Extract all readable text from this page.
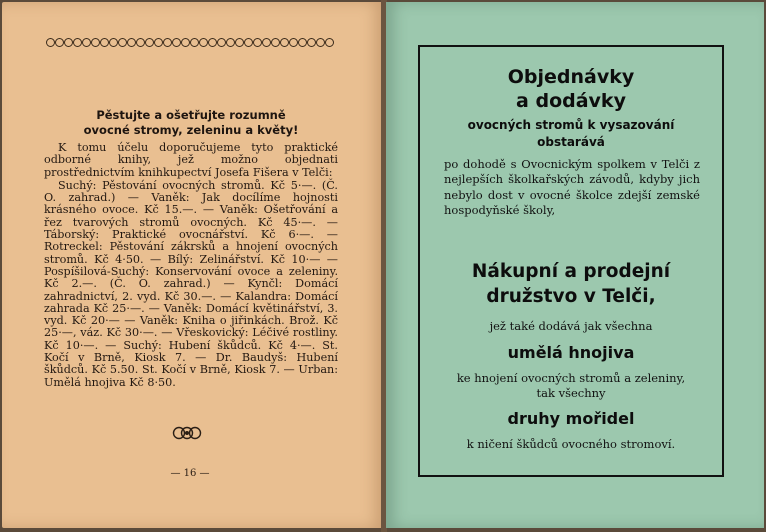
Pěstujte a ošetřujte rozumně
ovocné stromy, zeleninu a květy!

K tomu účelu doporučujeme tyto praktické odborné knihy, jež možno objednati prostřednictvím knihkupectví Josefa Fišera v Telči:

Suchý: Pěstování ovocných stromů. Kč 5·—. (Č. O. zahrad.) — Vaněk: Jak docílíme hojnosti krásného ovoce. Kč 15.—. — Vaněk: Ošetřování a řez tvarových stromů ovocných. Kč 45·—. — Táborský: Praktické ovocnářství. Kč 6·—. — Rotreckel: Pěstování zákrsků a hnojení ovocných stromů. Kč 4·50. — Bílý: Zelinářství. Kč 10·— — Pospíšilová-Suchý: Konservování ovoce a zeleniny. Kč 2.—. (Č. O. zahrad.) — Kynčl: Domácí zahradnictví, 2. vyd. Kč 30.—. — Kalandra: Domácí zahrada Kč 25·—. — Vaněk: Domácí květinářství, 3. vyd. Kč 20·— — Vaněk: Kniha o jiřinkách. Brož. Kč 25·—, váz. Kč 30·—. — Vřeskovický: Léčivé rostliny. Kč 10·—. — Suchý: Hubení škůdců. Kč 4·—. St. Kočí v Brně, Kiosk 7. — Dr. Baudyš: Hubení škůdců. Kč 5.50. St. Kočí v Brně, Kiosk 7. — Urban: Umělá hnojiva Kč 8·50.

— 16 —
Objednávky
a dodávky
ovocných stromů k vysazování
obstarává

po dohodě s Ovocnickým spolkem v Telči z nejlepších školkařských závodů, kdyby jich nebylo dost v ovocné školce zdejší zemské hospodyňské školy,

Nákupní a prodejní
družstvo v Telči,
jež také dodává jak všechna
umělá hnojiva
ke hnojení ovocných stromů a zeleniny,
tak všechny
druhy mořidel
k ničení škůdců ovocného stromoví.
